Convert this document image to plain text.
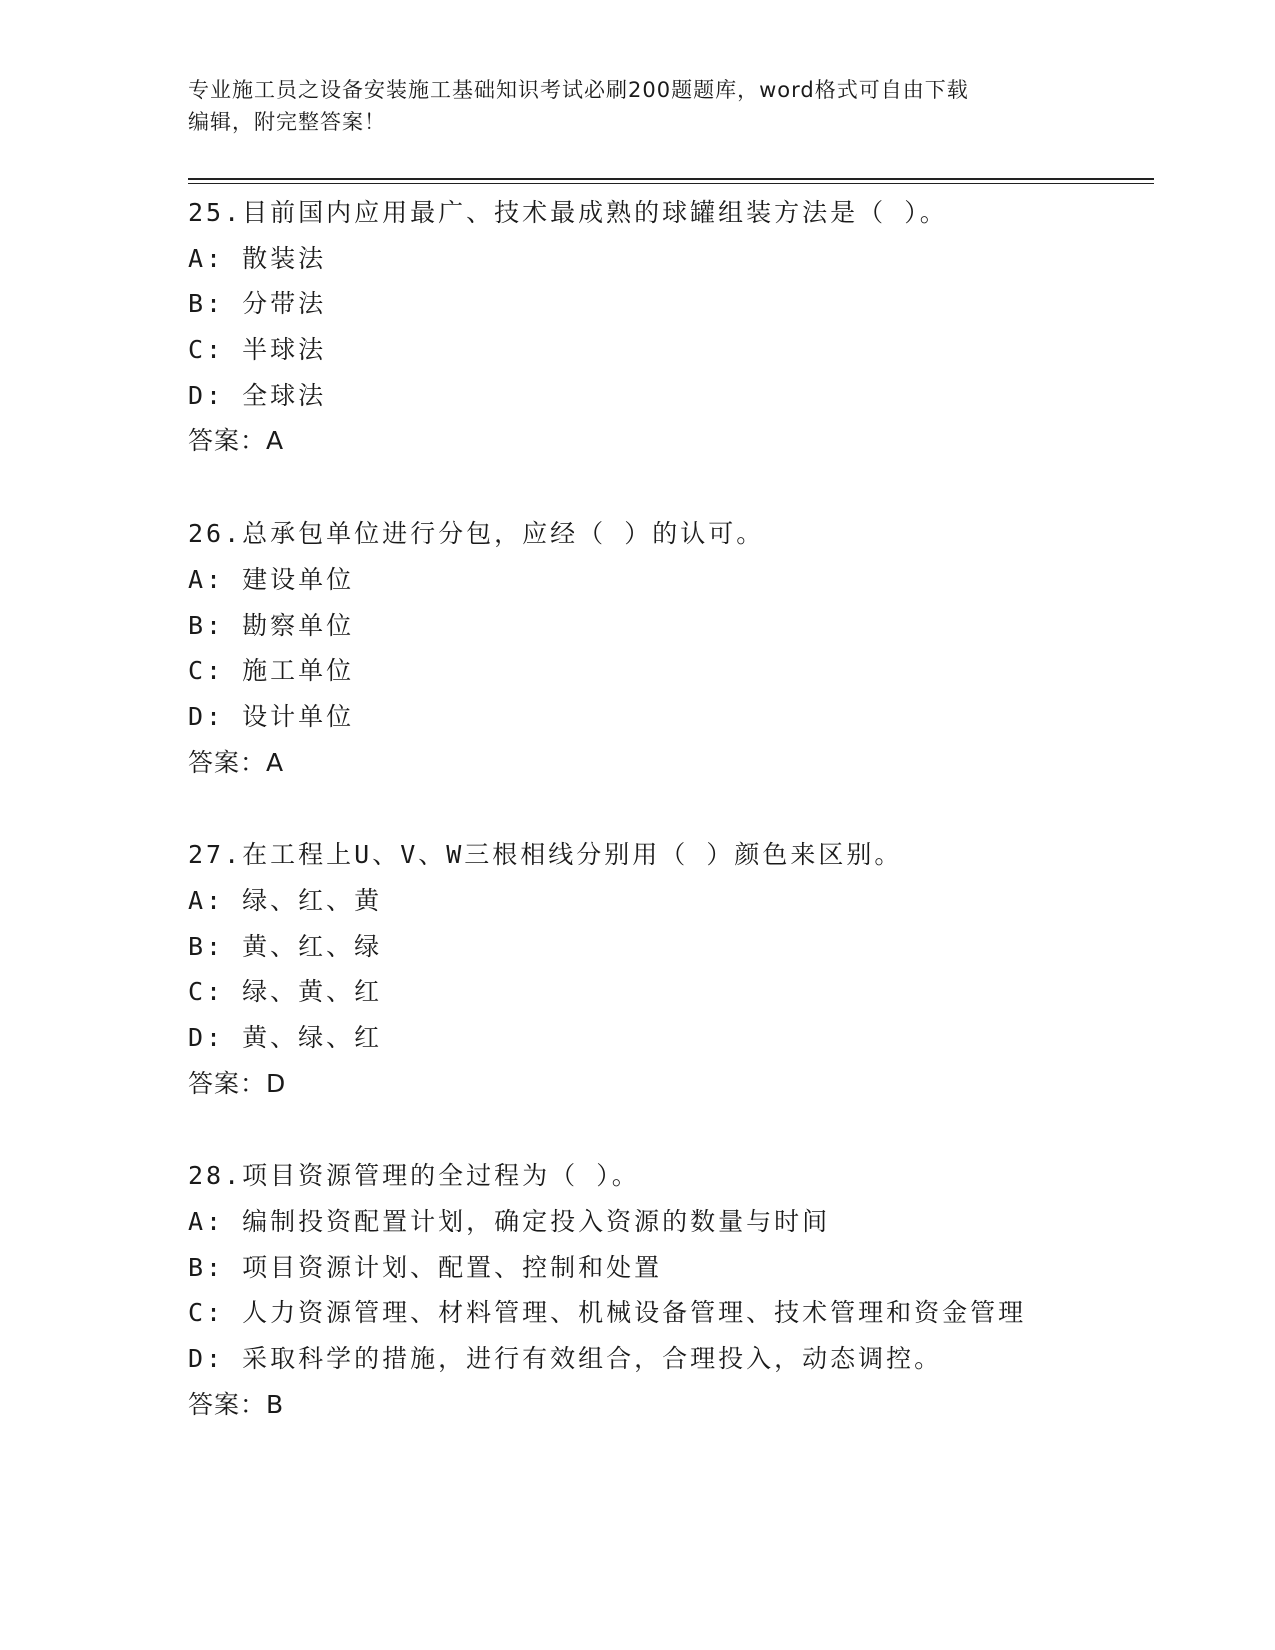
专业施工员之设备安装施工基础知识考试必刷200题题库，word格式可自由下载
编辑，附完整答案！
25.目前国内应用最广、技术最成熟的球罐组装方法是（ ）。
A: 散装法
B: 分带法
C: 半球法
D: 全球法
答案：A
26.总承包单位进行分包，应经（ ）的认可。
A: 建设单位
B: 勘察单位
C: 施工单位
D: 设计单位
答案：A
27.在工程上U、V、W三根相线分别用（ ）颜色来区别。
A: 绿、红、黄
B: 黄、红、绿
C: 绿、黄、红
D: 黄、绿、红
答案：D
28.项目资源管理的全过程为（ ）。
A: 编制投资配置计划，确定投入资源的数量与时间
B: 项目资源计划、配置、控制和处置
C: 人力资源管理、材料管理、机械设备管理、技术管理和资金管理
D: 采取科学的措施，进行有效组合，合理投入，动态调控。
答案：B
